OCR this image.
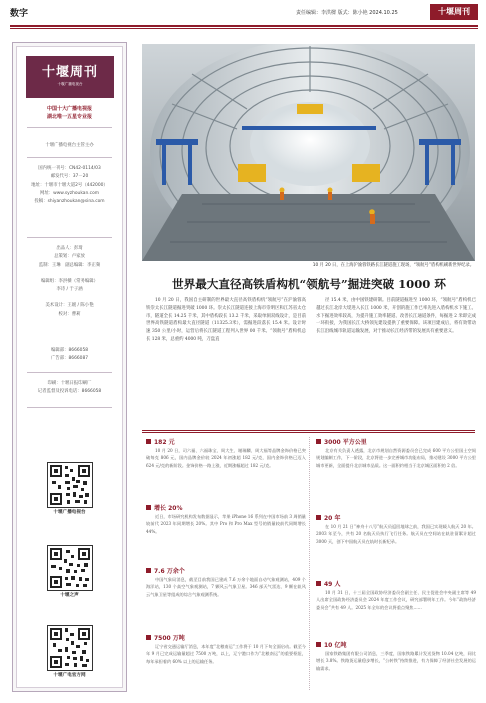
数字	责任编辑：李洪樑 版式：陈小艳 2024.10.25	十堰周刊
十堰周刊
十堰广播电视台
中国十大广播电视报
湖北唯一五星专业报
十堰广播电视台主管主办
国内统一刊号：CN42-0114/03
邮发代号：37－20
地址：十堰市十堰大道2号（442000）
网址：www.syzhoukan.com
投稿：shiyanzhoukan@sina.com
出品人：彭琦
总策划：卢家放
监制：王琳　副总编辑：李正频
编辑组：李洪樑（常务编辑）
李诗 / 于子涵
美术设计：王媛 / 陈小艳
校对：曹莉
编辑部：8666058
广告部：8666087
印刷：十堰日报印刷厂
记者监督及投诉电话：8666058
十堰广播电视台
十堰之声
十堰广电官方网
10 月 20 日，在上海沪渝蓉铁路长江隧道施工现场，“领航号”盾构机刷新世界纪录。
世界最大直径高铁盾构机“领航号”掘进突破 1000 环
10 月 20 日，我国自主研制的世界最大直径高铁盾构机“领航号”在沪渝蓉高铁崇太长江隧道掘进突破 1000 环。崇太长江隧道连接上海市崇明区和江苏省太仓市，隧道全长 14.25 千米，其中盾构段长 13.2 千米，采取单洞双线设计，是目前世界高铁隧道盾构最大直径隧道（11325.3米），需掘进段落长 15.4 米。设计时速 350 公里/小时，运营后将长江隧道工程列入世界 00 千米。“领航号”盾构机总长 128 米，总重约 4000 吨，刀盘直
径 15.4 米，由中国铁建研制。目前隧道掘进至 1000 环，“领航号”盾构机已越过长江北岸大堤进入长江 1000 米，开创的施工作已率先进入盾构机水下施工。水下掘进效率较高，为提升施工效率隧道、改善长江通道条件，每掘进 2 米即完成一环衔接，为我国长江大桥领先建设提供了重要保障。该项目建成后，将有效带动长江沿线城市轨道运输发展，对于推动长江经济带的发展具有重要意义。
182 元
10 月 20 日，司六福、六福珠宝、周大生、谢瑞麟、周大福等品牌金饰价格已突破每克 806 元，国内品牌金价较 2024 年初涨超 182 元/克，国内金饰价格已迈入 624 元/克的新阶段。金饰价格一路上涨，近期涨幅超过 182 元/克。
增长 20%
近日，市场研究机构发布数据显示，苹果 iPhone 16 系列在中国市场前 3 周销量较前代 2023 年同期增长 20%。其中 Pro 和 Pro Max 型号的销量较前代同期增长 44%。
7.6 万余个
中国气象局消息，截至目前我国已建成 7.6 万余个地面自动气象观测站，409 个海洋站，130 个高空气象观测站，7 颗风云气象卫星。346 部天气雷达、9 颗在轨风云气象卫星等组成的综合气象观测系统。
7500 万吨
辽宁省交通运输厅消息，本年度“北粮南运”工作将于 10 月下旬全面启动。截至今年 9 月已完成运输量超过 7500 万吨，以上，辽宁港口作为“北粮南运”的重要枢纽，每年承担着约 60% 以上的运输任务。
3000 平方公里
北京有关负责人透露，北京市规划自然资源委员会已完成 600 平方公里国土空间规划编制工作，下一阶段，北京将进一步完善城市功能布局，推动建设 3000 平方公里城市更新，全面提升北京城市品质。这一面积约相当于北京城区面积的 2 倍。
20 年
在 10 月 21 日“神舟十八号”航天员返回地球之前，我国已实现载人航天 20 年。2003 年至今，共有 20 名航天员执行飞行任务。航天员在空间站在轨驻留累计超过 3000 天，创下中国航天员在轨时长新纪录。
49 人
10 月 31 日，十三届全国政协经济委员会副主任、民主促进会中央副主席等 49 人出席全国政协经济委员会 2024 年度工作会议，研究部署明年工作。今年“政协经济委员会”共有 49 人。2025 年全年的会议将重点聚焦……
10 亿吨
国家铁路集团有限公司消息，三季度，国家铁路累计发送货物 10.04 亿吨，同比增长 3.8%。铁路货运量稳步增长，“公转铁”持续推进，有力保障了经济社会发展的运输需求。
